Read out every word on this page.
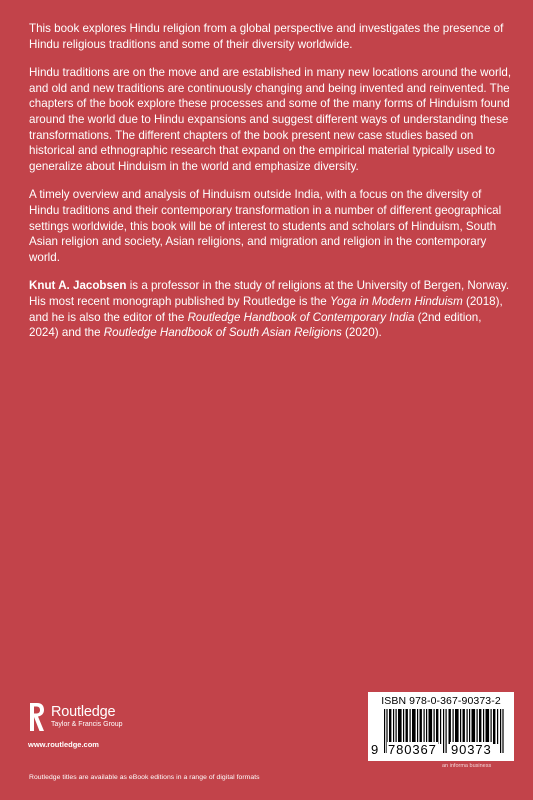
This book explores Hindu religion from a global perspective and investigates the presence of Hindu religious traditions and some of their diversity worldwide.

Hindu traditions are on the move and are established in many new locations around the world, and old and new traditions are continuously changing and being invented and reinvented. The chapters of the book explore these processes and some of the many forms of Hinduism found around the world due to Hindu expansions and suggest different ways of understanding these transformations. The different chapters of the book present new case studies based on historical and ethnographic research that expand on the empirical material typically used to generalize about Hinduism in the world and emphasize diversity.

A timely overview and analysis of Hinduism outside India, with a focus on the diversity of Hindu traditions and their contemporary transformation in a number of different geographical settings worldwide, this book will be of interest to students and scholars of Hinduism, South Asian religion and society, Asian religions, and migration and religion in the contemporary world.

Knut A. Jacobsen is a professor in the study of religions at the University of Bergen, Norway. His most recent monograph published by Routledge is the Yoga in Modern Hinduism (2018), and he is also the editor of the Routledge Handbook of Contemporary India (2nd edition, 2024) and the Routledge Handbook of South Asian Religions (2020).

Routledge
Taylor & Francis Group
www.routledge.com
Routledge titles are available as eBook editions in a range of digital formats
ISBN 978-0-367-90373-2
9 780367 90373
an informa business
